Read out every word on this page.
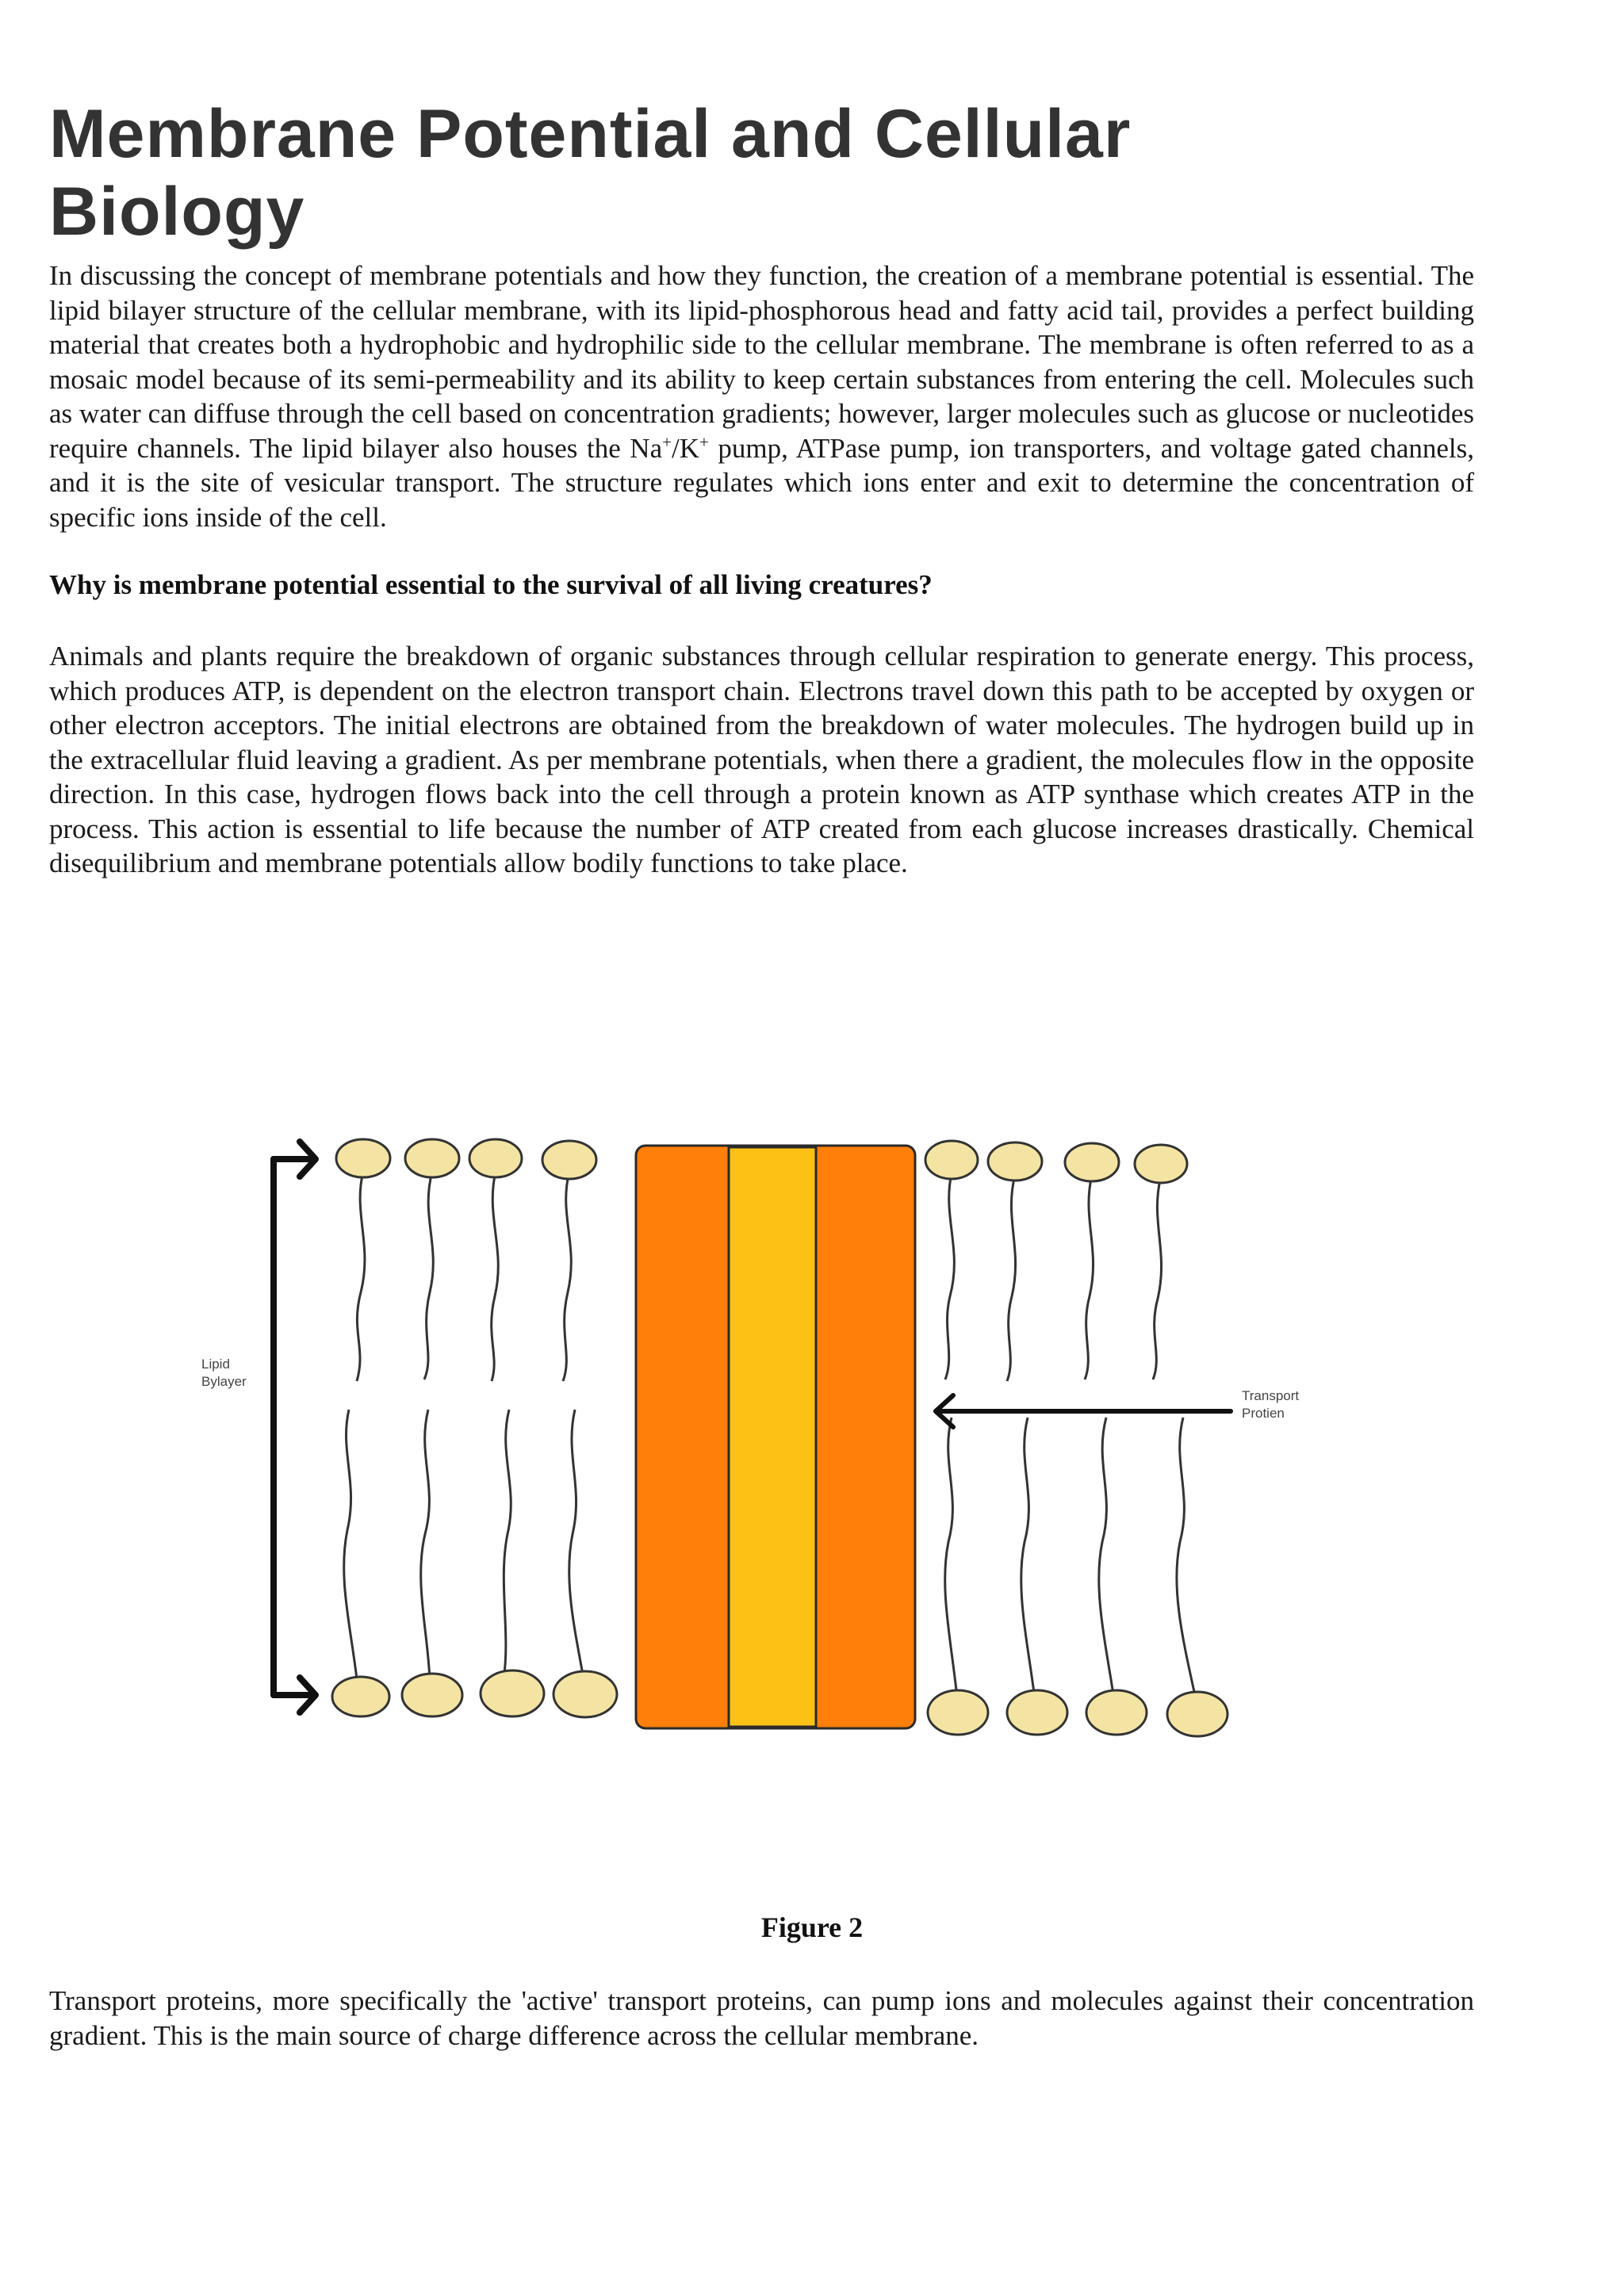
Membrane Potential and Cellular Biology

In discussing the concept of membrane potentials and how they function, the creation of a membrane potential is essential. The lipid bilayer structure of the cellular membrane, with its lipid-phosphorous head and fatty acid tail, provides a perfect building material that creates both a hydrophobic and hydrophilic side to the cellular membrane. The membrane is often referred to as a mosaic model because of its semi-permeability and its ability to keep certain substances from entering the cell. Molecules such as water can diffuse through the cell based on concentration gradients; however, larger molecules such as glucose or nucleotides require channels. The lipid bilayer also houses the Na+/K+ pump, ATPase pump, ion transporters, and voltage gated channels, and it is the site of vesicular transport. The structure regulates which ions enter and exit to determine the concentration of specific ions inside of the cell.

Why is membrane potential essential to the survival of all living creatures?

Animals and plants require the breakdown of organic substances through cellular respiration to generate energy. This process, which produces ATP, is dependent on the electron transport chain. Electrons travel down this path to be accepted by oxygen or other electron acceptors. The initial electrons are obtained from the breakdown of water molecules. The hydrogen build up in the extracellular fluid leaving a gradient. As per membrane potentials, when there a gradient, the molecules flow in the opposite direction. In this case, hydrogen flows back into the cell through a protein known as ATP synthase which creates ATP in the process. This action is essential to life because the number of ATP created from each glucose increases drastically. Chemical disequilibrium and membrane potentials allow bodily functions to take place.

Lipid
Bylayer
Transport
Protien
Figure 2

Transport proteins, more specifically the 'active' transport proteins, can pump ions and molecules against their concentration gradient. This is the main source of charge difference across the cellular membrane.
